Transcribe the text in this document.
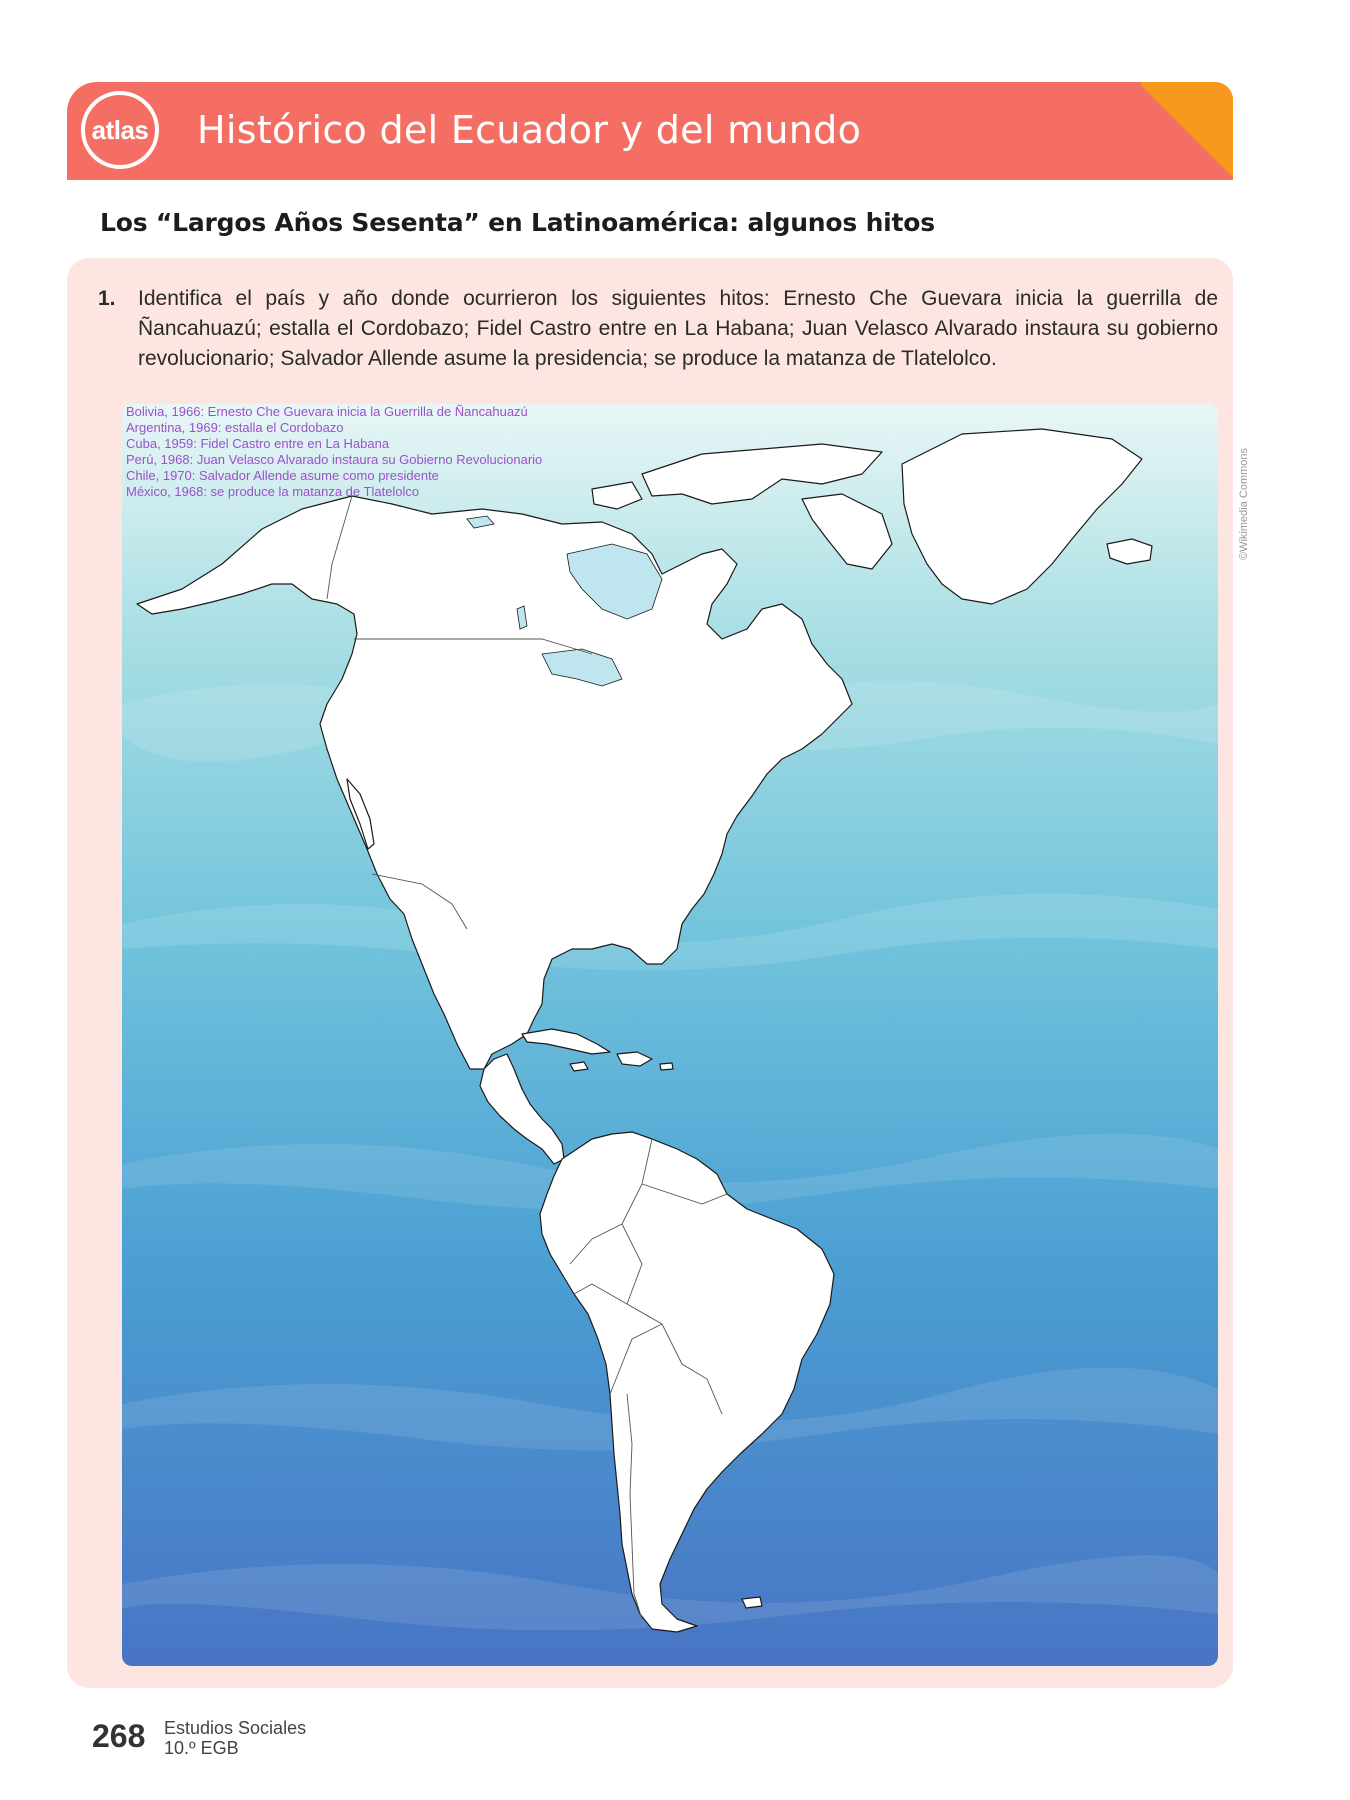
atlas Histórico del Ecuador y del mundo
Los “Largos Años Sesenta” en Latinoamérica: algunos hitos
1. Identifica el país y año donde ocurrieron los siguientes hitos: Ernesto Che Guevara inicia la guerrilla de Ñancahuazú; estalla el Cordobazo; Fidel Castro entre en La Habana; Juan Velasco Alvarado instaura su gobierno revolucionario; Salvador Allende asume la presidencia; se produce la matanza de Tlatelolco.
Bolivia, 1966: Ernesto Che Guevara inicia la Guerrilla de Ñancahuazú
Argentina, 1969: estalla el Cordobazo
Cuba, 1959: Fidel Castro entre en La Habana
Perú, 1968: Juan Velasco Alvarado instaura su Gobierno Revolucionario
Chile, 1970: Salvador Allende asume como presidente
México, 1968: se produce la matanza de Tlatelolco	©Wikimedia Commons
268 Estudios Sociales
10.º EGB
